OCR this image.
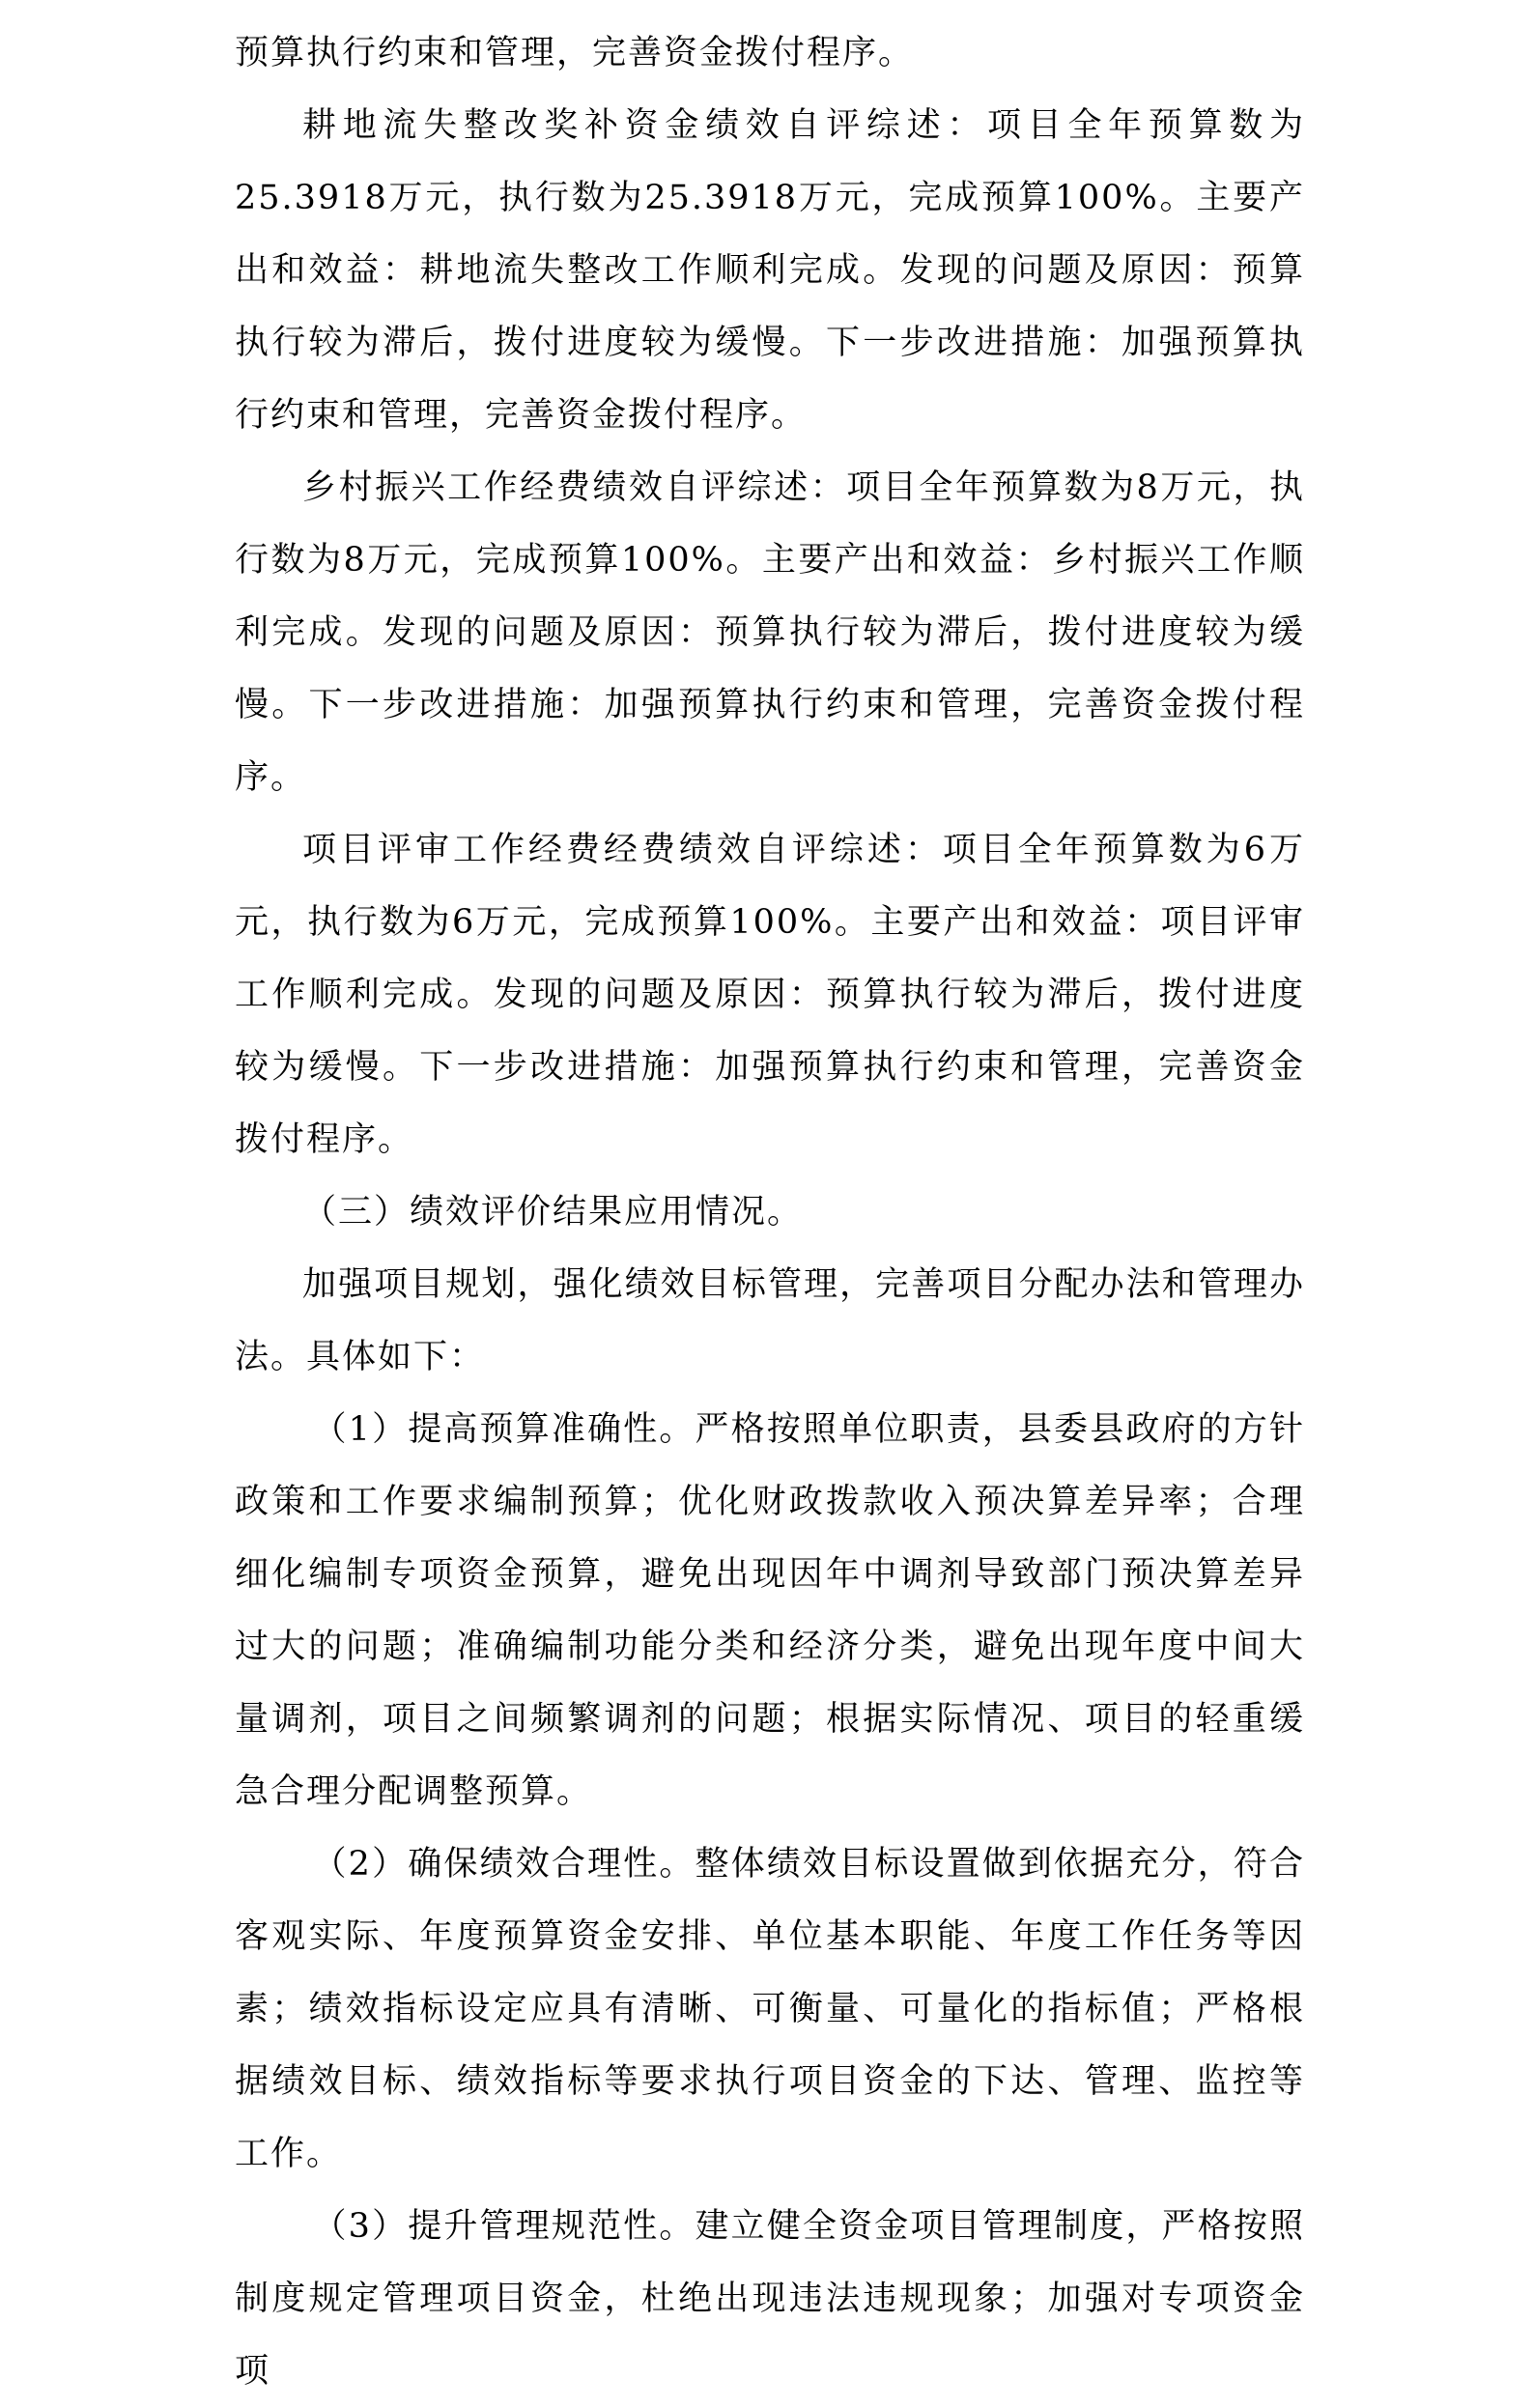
预算执行约束和管理，完善资金拨付程序。

耕地流失整改奖补资金绩效自评综述：项目全年预算数为25.3918万元，执行数为25.3918万元，完成预算100%。主要产出和效益：耕地流失整改工作顺利完成。发现的问题及原因：预算执行较为滞后，拨付进度较为缓慢。下一步改进措施：加强预算执行约束和管理，完善资金拨付程序。

乡村振兴工作经费绩效自评综述：项目全年预算数为8万元，执行数为8万元，完成预算100%。主要产出和效益：乡村振兴工作顺利完成。发现的问题及原因：预算执行较为滞后，拨付进度较为缓慢。下一步改进措施：加强预算执行约束和管理，完善资金拨付程序。

项目评审工作经费经费绩效自评综述：项目全年预算数为6万元，执行数为6万元，完成预算100%。主要产出和效益：项目评审工作顺利完成。发现的问题及原因：预算执行较为滞后，拨付进度较为缓慢。下一步改进措施：加强预算执行约束和管理，完善资金拨付程序。

（三）绩效评价结果应用情况。

加强项目规划，强化绩效目标管理，完善项目分配办法和管理办法。具体如下：

（1）提高预算准确性。严格按照单位职责，县委县政府的方针政策和工作要求编制预算；优化财政拨款收入预决算差异率；合理细化编制专项资金预算，避免出现因年中调剂导致部门预决算差异过大的问题；准确编制功能分类和经济分类，避免出现年度中间大量调剂，项目之间频繁调剂的问题；根据实际情况、项目的轻重缓急合理分配调整预算。

（2）确保绩效合理性。整体绩效目标设置做到依据充分，符合客观实际、年度预算资金安排、单位基本职能、年度工作任务等因素；绩效指标设定应具有清晰、可衡量、可量化的指标值；严格根据绩效目标、绩效指标等要求执行项目资金的下达、管理、监控等工作。

（3）提升管理规范性。建立健全资金项目管理制度，严格按照制度规定管理项目资金，杜绝出现违法违规现象；加强对专项资金项
